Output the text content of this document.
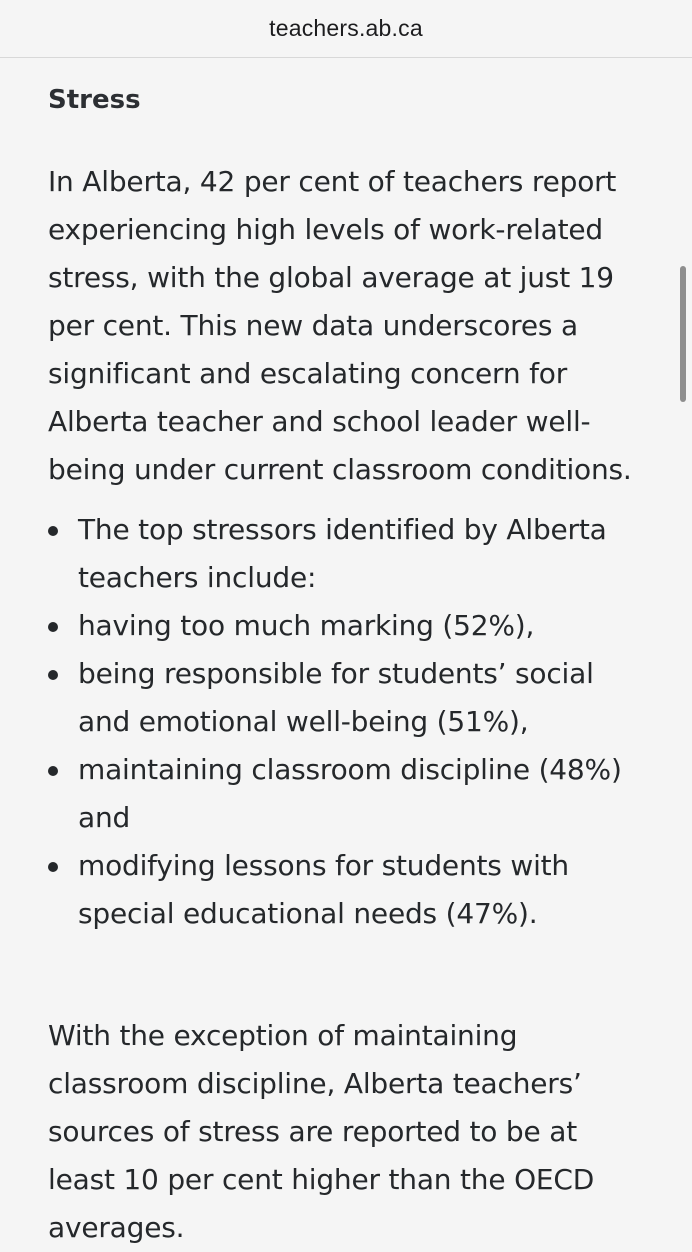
teachers.ab.ca
Stress

In Alberta, 42 per cent of teachers report experiencing high levels of work-related stress, with the global average at just 19 per cent. This new data underscores a significant and escalating concern for Alberta teacher and school leader well-being under current classroom conditions.

The top stressors identified by Alberta teachers include:
having too much marking (52%),
being responsible for students’ social and emotional well-being (51%),
maintaining classroom discipline (48%) and
modifying lessons for students with special educational needs (47%).

With the exception of maintaining classroom discipline, Alberta teachers’ sources of stress are reported to be at least 10 per cent higher than the OECD averages.
